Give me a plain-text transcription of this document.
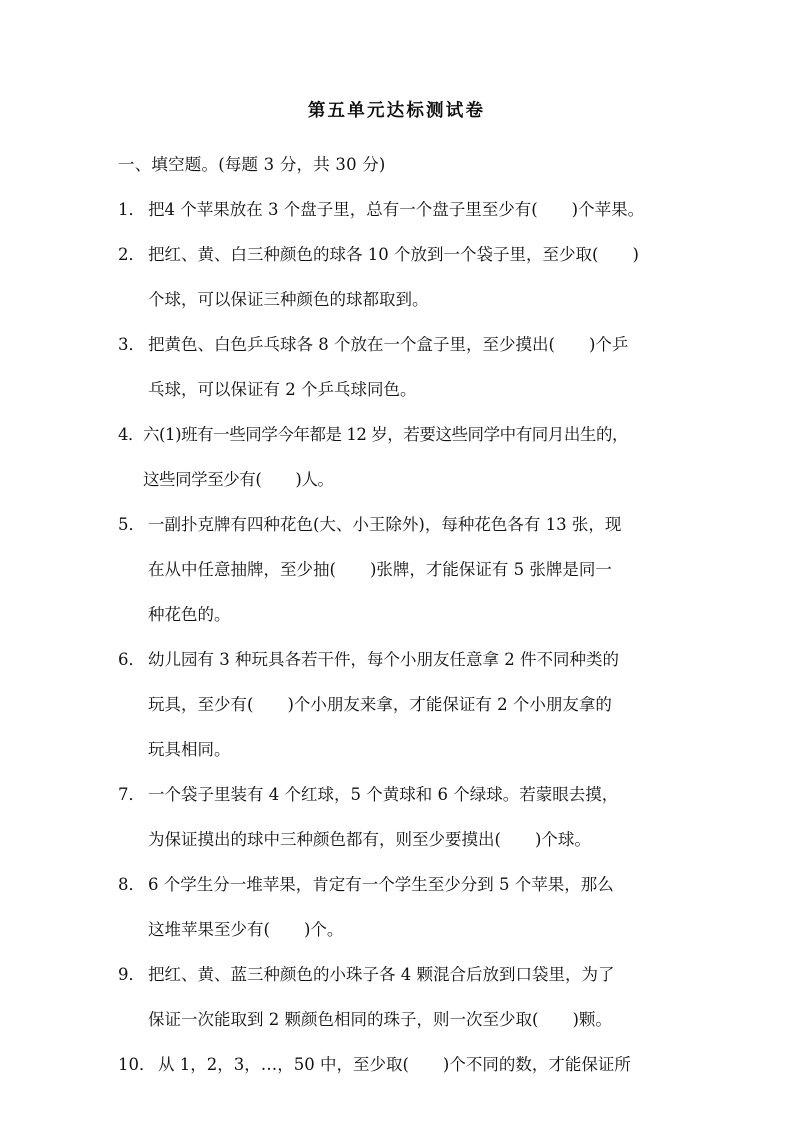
第五单元达标测试卷
一、填空题。(每题 3 分，共 30 分)
1． 把4 个苹果放在 3 个盘子里，总有一个盘子里至少有( )个苹果。
2． 把红、黄、白三种颜色的球各 10 个放到一个袋子里，至少取( )
个球，可以保证三种颜色的球都取到。
3． 把黄色、白色乒乓球各 8 个放在一个盒子里，至少摸出( )个乒
乓球，可以保证有 2 个乒乓球同色。
4．六(1)班有一些同学今年都是 12 岁，若要这些同学中有同月出生的，
这些同学至少有( )人。
5． 一副扑克牌有四种花色(大、小王除外)，每种花色各有 13 张，现
在从中任意抽牌，至少抽( )张牌，才能保证有 5 张牌是同一
种花色的。
6． 幼儿园有 3 种玩具各若干件，每个小朋友任意拿 2 件不同种类的
玩具，至少有( )个小朋友来拿，才能保证有 2 个小朋友拿的
玩具相同。
7． 一个袋子里装有 4 个红球，5 个黄球和 6 个绿球。若蒙眼去摸，
为保证摸出的球中三种颜色都有，则至少要摸出( )个球。
8． 6 个学生分一堆苹果，肯定有一个学生至少分到 5 个苹果，那么
这堆苹果至少有( )个。
9． 把红、黄、蓝三种颜色的小珠子各 4 颗混合后放到口袋里，为了
保证一次能取到 2 颗颜色相同的珠子，则一次至少取( )颗。
10． 从 1，2，3，…，50 中，至少取( )个不同的数，才能保证所
